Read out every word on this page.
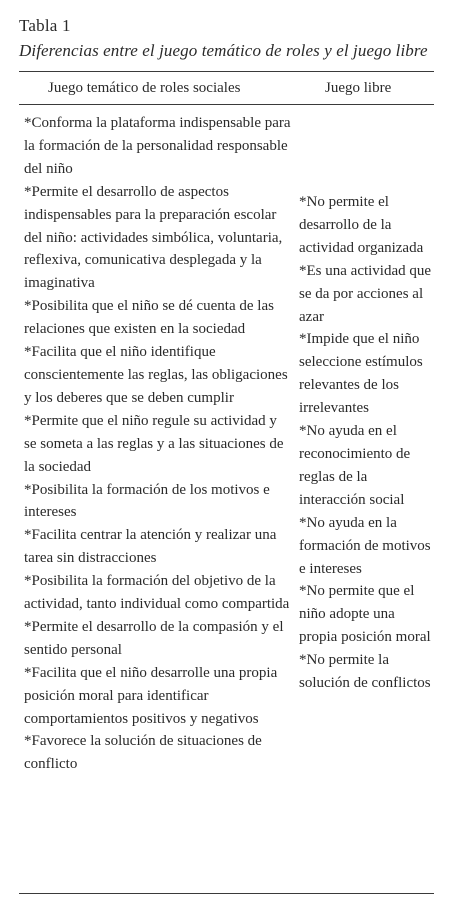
Tabla 1
Diferencias entre el juego temático de roles y el juego libre
Juego temático de roles sociales	Juego libre
*Conforma la plataforma indispensable para la formación de la personalidad responsable del niño
*Permite el desarrollo de aspectos indispensables para la preparación escolar del niño: actividades simbólica, voluntaria, reflexiva, comunicativa desplegada y la imaginativa
*Posibilita que el niño se dé cuenta de las relaciones que existen en la sociedad
*Facilita que el niño identifique conscientemente las reglas, las obligaciones y los deberes que se deben cumplir
*Permite que el niño regule su actividad y se someta a las reglas y a las situaciones de la sociedad
*Posibilita la formación de los motivos e intereses
*Facilita centrar la atención y realizar una tarea sin distracciones
*Posibilita la formación del objetivo de la actividad, tanto individual como compartida
*Permite el desarrollo de la compasión y el sentido personal
*Facilita que el niño desarrolle una propia posición moral para identificar comportamientos positivos y negativos
*Favorece la solución de situaciones de conflicto
*No permite el desarrollo de la actividad organizada
*Es una actividad que se da por acciones al azar
*Impide que el niño seleccione estímulos relevantes de los irrelevantes
*No ayuda en el reconocimiento de reglas de la interacción social
*No ayuda en la formación de motivos e intereses
*No permite que el niño adopte una propia posición moral
*No permite la solución de conflictos
